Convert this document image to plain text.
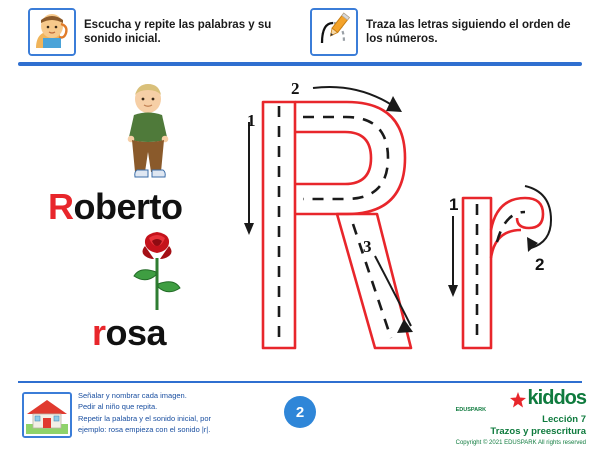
Escucha y repite las palabras y su sonido inicial.
Traza las letras siguiendo el orden de los números.
Roberto
rosa
1
2
3
1
2
Señalar y nombrar cada imagen.
Pedir al niño que repita.
Repetir la palabra y el sonido inicial, por
ejemplo: rosa empieza con el sonido |r|.
2
kiddos
EDUSPARK
Lección 7
Trazos y preescritura
Copyright © 2021 EDUSPARK All rights reserved
